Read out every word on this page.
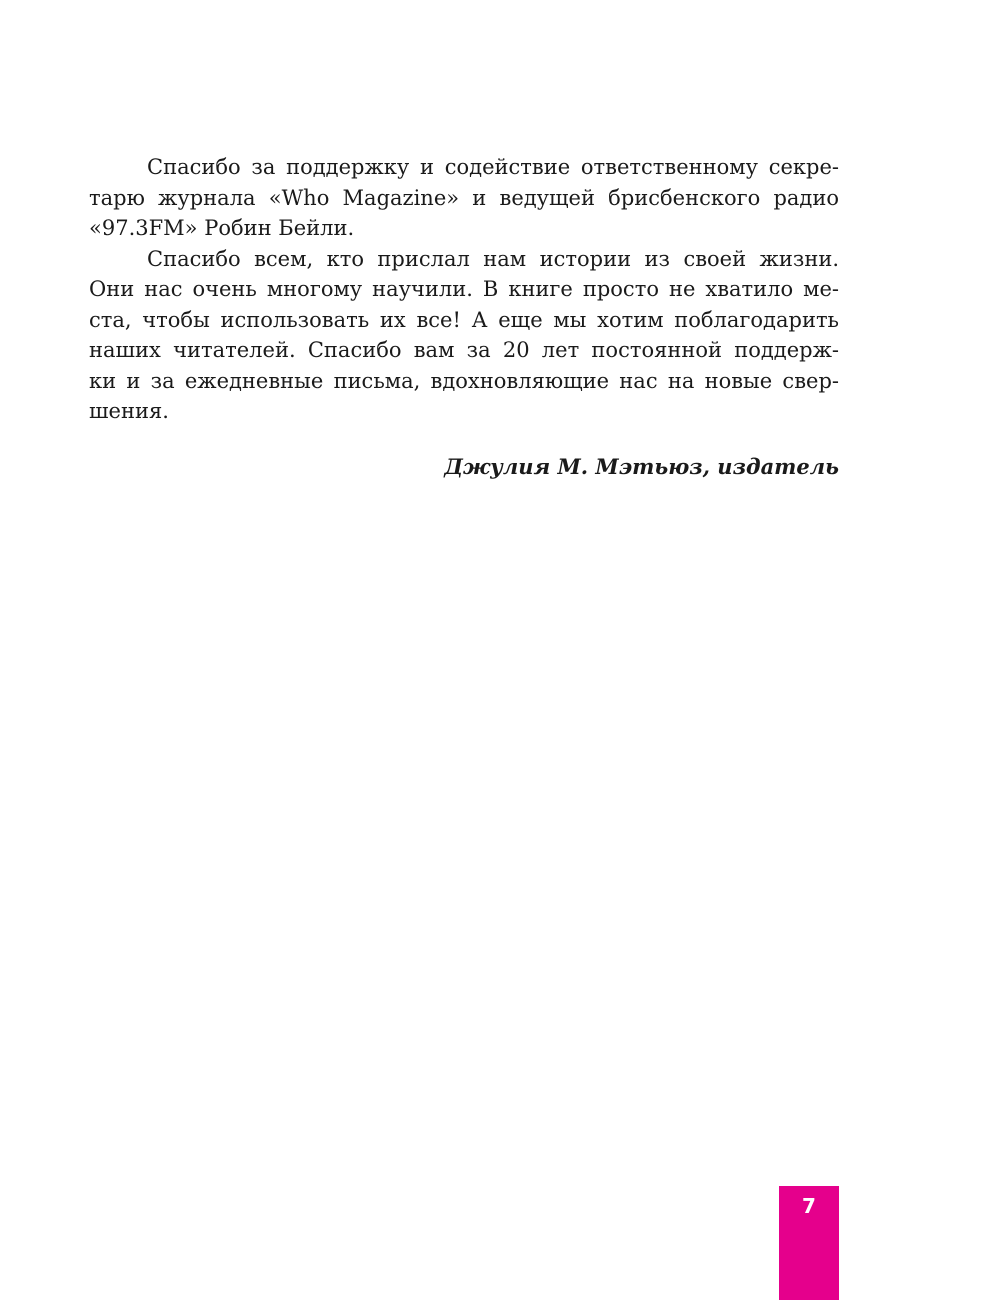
Спасибо за поддержку и содействие ответственному секре-
тарю журнала «Who Magazine» и ведущей брисбенского радио
«97.3FM» Робин Бейли.
Спасибо всем, кто прислал нам истории из своей жизни.
Они нас очень многому научили. В книге просто не хватило ме-
ста, чтобы использовать их все! А еще мы хотим поблагодарить
наших читателей. Спасибо вам за 20 лет постоянной поддерж-
ки и за ежедневные письма, вдохновляющие нас на новые свер-
шения.
Джулия М. Мэтьюз, издатель
7
